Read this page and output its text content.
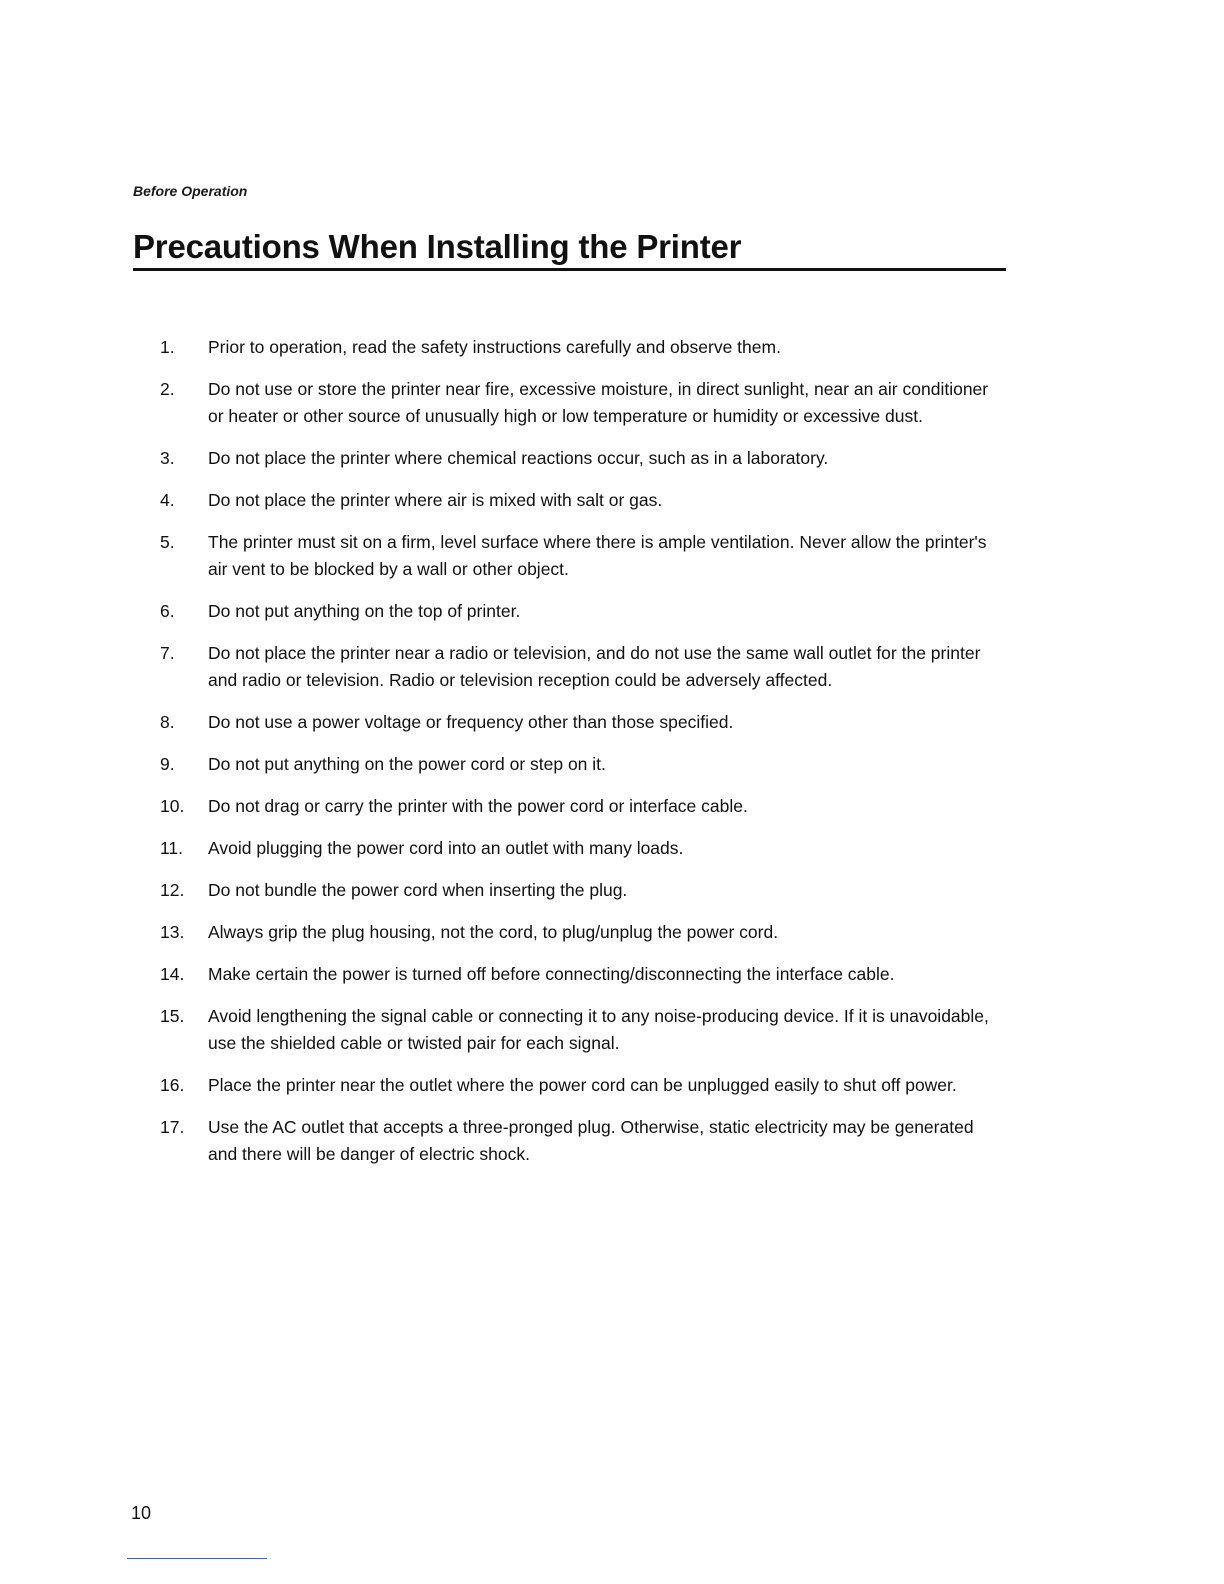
Before Operation
Precautions When Installing the Printer
1.	Prior to operation, read the safety instructions carefully and observe them.
2.	Do not use or store the printer near fire, excessive moisture, in direct sunlight, near an air conditioner or heater or other source of unusually high or low temperature or humidity or excessive dust.
3.	Do not place the printer where chemical reactions occur, such as in a laboratory.
4.	Do not place the printer where air is mixed with salt or gas.
5.	The printer must sit on a firm, level surface where there is ample ventilation. Never allow the printer's air vent to be blocked by a wall or other object.
6.	Do not put anything on the top of printer.
7.	Do not place the printer near a radio or television, and do not use the same wall outlet for the printer and radio or television. Radio or television reception could be adversely affected.
8.	Do not use a power voltage or frequency other than those specified.
9.	Do not put anything on the power cord or step on it.
10.	Do not drag or carry the printer with the power cord or interface cable.
11.	Avoid plugging the power cord into an outlet with many loads.
12.	Do not bundle the power cord when inserting the plug.
13.	Always grip the plug housing, not the cord, to plug/unplug the power cord.
14.	Make certain the power is turned off before connecting/disconnecting the interface cable.
15.	Avoid lengthening the signal cable or connecting it to any noise-producing device. If it is unavoidable, use the shielded cable or twisted pair for each signal.
16.	Place the printer near the outlet where the power cord can be unplugged easily to shut off power.
17.	Use the AC outlet that accepts a three-pronged plug. Otherwise, static electricity may be generated and there will be danger of electric shock.
10
